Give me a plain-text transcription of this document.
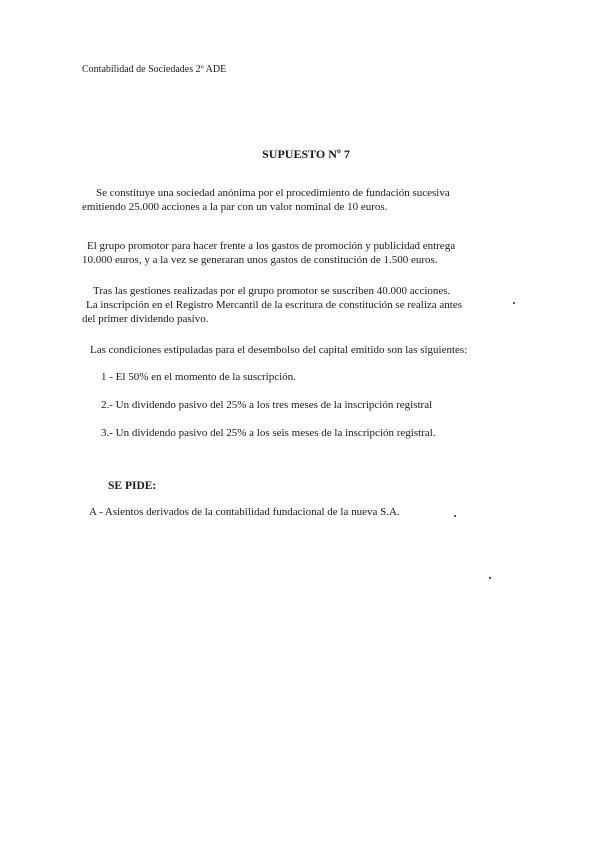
Contabilidad de Sociedades 2º ADE
SUPUESTO Nº 7

Se constituye una sociedad anónima por el procedimiento de fundación sucesiva

emitiendo 25.000 acciones a la par con un valor nominal de 10 euros.

El grupo promotor para hacer frente a los gastos de promoción y publicidad entrega

10.000 euros, y a la vez se generaran unos gastos de constitución de 1.500 euros.

Tras las gestiones realizadas por el grupo promotor se suscriben 40.000 acciones.

La inscripción en el Registro Mercantil de la escritura de constitución se realiza antes

del primer dividendo pasivo.

Las condiciones estipuladas para el desembolso del capital emitido son las siguientes:

1 - El 50% en el momento de la suscripción.

2.- Un dividendo pasivo del 25% a los tres meses de la inscripción registral

3.- Un dividendo pasivo del 25% a los seis meses de la inscripción registral.

SE PIDE:

A - Asientos derivados de la contabilidad fundacional de la nueva S.A.
